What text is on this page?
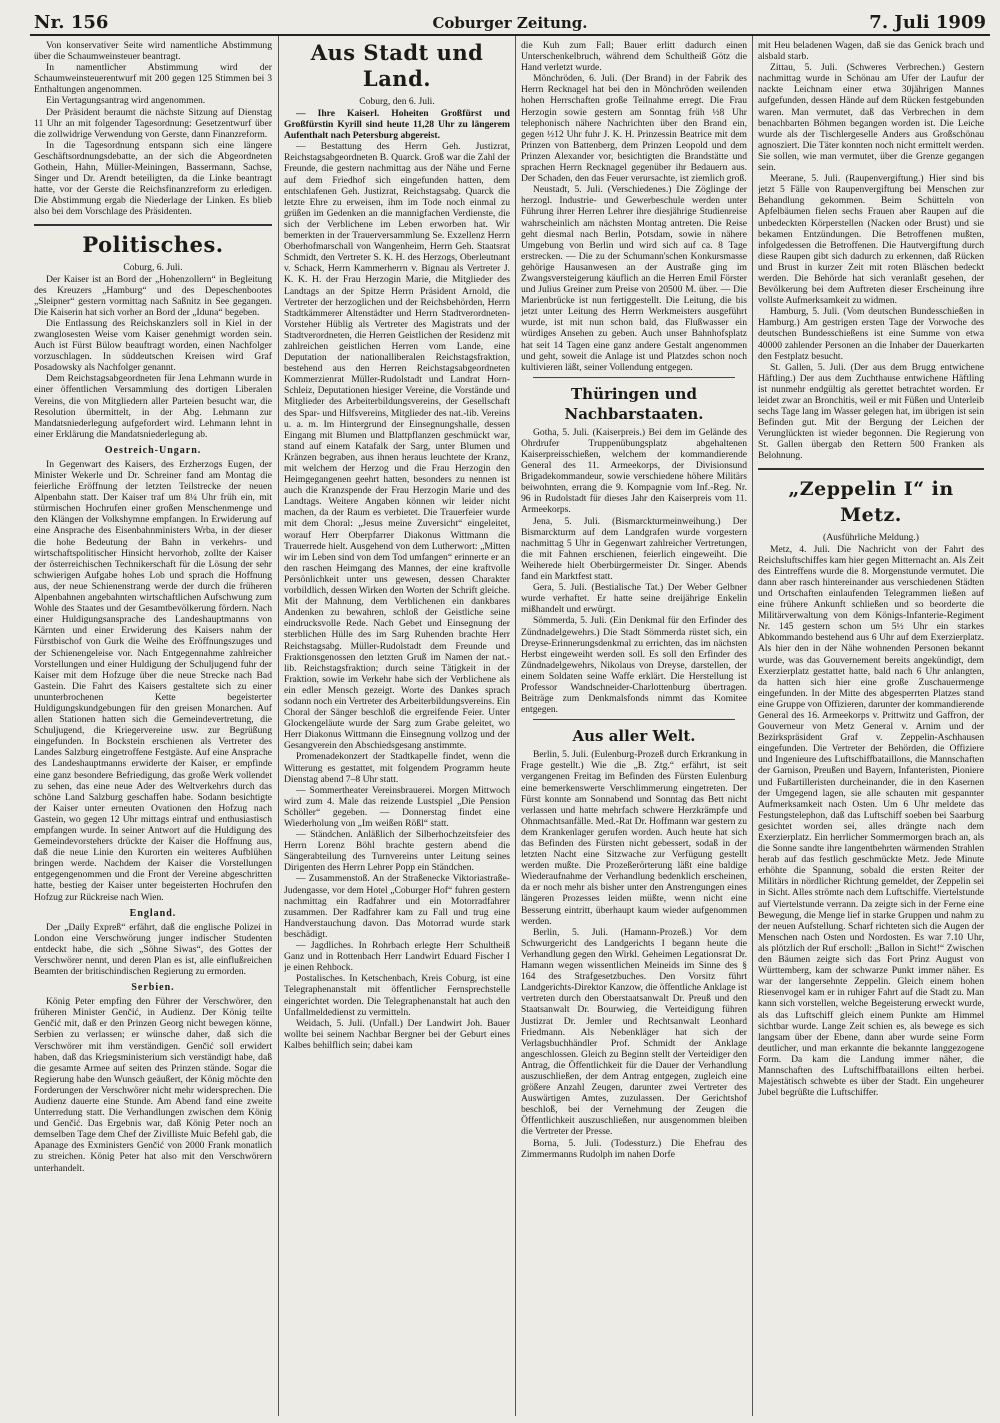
Nr. 156	Coburger Zeitung.	7. Juli 1909

Von konservativer Seite wird namentliche Abstimmung über die Schaumweinsteuer beantragt.

In namentlicher Abstimmung wird der Schaumweinsteuerentwurf mit 200 gegen 125 Stimmen bei 3 Enthaltungen angenommen.

Ein Vertagungsantrag wird angenommen.

Der Präsident beraumt die nächste Sitzung auf Dienstag 11 Uhr an mit folgender Tagesordnung: Gesetzentwurf über die zollwidrige Verwendung von Gerste, dann Finanzreform.

In die Tagesordnung entspann sich eine längere Geschäftsordnungsdebatte, an der sich die Abgeordneten Gothein, Hahn, Müller-Meiningen, Bassermann, Sachse, Singer und Dr. Arendt beteiligten, da die Linke beantragt hatte, vor der Gerste die Reichsfinanzreform zu erledigen. Die Abstimmung ergab die Niederlage der Linken. Es blieb also bei dem Vorschlage des Präsidenten.

Politisches.
Coburg, 6. Juli.

Der Kaiser ist an Bord der „Hohenzollern“ in Begleitung des Kreuzers „Hamburg“ und des Depeschenbootes „Sleipner“ gestern vormittag nach Saßnitz in See gegangen. Die Kaiserin hat sich vorher an Bord der „Iduna“ begeben.

Die Entlassung des Reichskanzlers soll in Kiel in der zwanglosesten Weise vom Kaiser genehmigt worden sein. Auch ist Fürst Bülow beauftragt worden, einen Nachfolger vorzuschlagen. In süddeutschen Kreisen wird Graf Posadowsky als Nachfolger genannt.

Dem Reichstagsabgeordneten für Jena Lehmann wurde in einer öffentlichen Versammlung des dortigen Liberalen Vereins, die von Mitgliedern aller Parteien besucht war, die Resolution übermittelt, in der Abg. Lehmann zur Mandatsniederlegung aufgefordert wird. Lehmann lehnt in einer Erklärung die Mandatsniederlegung ab.

Oestreich-Ungarn.

In Gegenwart des Kaisers, des Erzherzogs Eugen, der Minister Wekerle und Dr. Schreiner fand am Montag die feierliche Eröffnung der letzten Teilstrecke der neuen Alpenbahn statt. Der Kaiser traf um 8¼ Uhr früh ein, mit stürmischen Hochrufen einer großen Menschenmenge und den Klängen der Volkshymne empfangen. In Erwiderung auf eine Ansprache des Eisenbahnministers Wrba, in der dieser die hohe Bedeutung der Bahn in verkehrs- und wirtschaftspolitischer Hinsicht hervorhob, zollte der Kaiser der österreichischen Technikerschaft für die Lösung der sehr schwierigen Aufgabe hohes Lob und sprach die Hoffnung aus, der neue Schienenstrang werde der durch die früheren Alpenbahnen angebahnten wirtschaftlichen Aufschwung zum Wohle des Staates und der Gesamtbevölkerung fördern. Nach einer Huldigungsansprache des Landeshauptmanns von Kärnten und einer Erwiderung des Kaisers nahm der Fürstbischof von Gurk die Weihe des Eröffnungszuges und der Schienengeleise vor. Nach Entgegennahme zahlreicher Vorstellungen und einer Huldigung der Schuljugend fuhr der Kaiser mit dem Hofzuge über die neue Strecke nach Bad Gastein. Die Fahrt des Kaisers gestaltete sich zu einer ununterbrochenen Kette begeisterter Huldigungskundgebungen für den greisen Monarchen. Auf allen Stationen hatten sich die Gemeindevertretung, die Schuljugend, die Kriegervereine usw. zur Begrüßung eingefunden. In Bockstein erschienen als Vertreter des Landes Salzburg eingetroffene Festgäste. Auf eine Ansprache des Landeshauptmanns erwiderte der Kaiser, er empfinde eine ganz besondere Befriedigung, das große Werk vollendet zu sehen, das eine neue Ader des Weltverkehrs durch das schöne Land Salzburg geschaffen habe. Sodann besichtigte der Kaiser unter erneuten Ovationen den Hofzug nach Gastein, wo gegen 12 Uhr mittags eintraf und enthusiastisch empfangen wurde. In seiner Antwort auf die Huldigung des Gemeindevorstehers drückte der Kaiser die Hoffnung aus, daß die neue Linie den Kurorten ein weiteres Aufblühen bringen werde. Nachdem der Kaiser die Vorstellungen entgegengenommen und die Front der Vereine abgeschritten hatte, bestieg der Kaiser unter begeisterten Hochrufen den Hofzug zur Rückreise nach Wien.

England.

Der „Daily Expreß“ erfährt, daß die englische Polizei in London eine Verschwörung junger indischer Studenten entdeckt habe, die sich „Söhne Siwas“, des Gottes der Verschwörer nennt, und deren Plan es ist, alle einflußreichen Beamten der britischindischen Regierung zu ermorden.

Serbien.

König Peter empfing den Führer der Verschwörer, den früheren Minister Genčić, in Audienz. Der König teilte Genčić mit, daß er den Prinzen Georg nicht bewegen könne, Serbien zu verlassen; er wünsche daher, daß sich die Verschwörer mit ihm verständigen. Genčić soll erwidert haben, daß das Kriegsministerium sich verständigt habe, daß die gesamte Armee auf seiten des Prinzen stände. Sogar die Regierung habe den Wunsch geäußert, der König möchte den Forderungen der Verschwörer nicht mehr widersprechen. Die Audienz dauerte eine Stunde. Am Abend fand eine zweite Unterredung statt. Die Verhandlungen zwischen dem König und Genčić. Das Ergebnis war, daß König Peter noch an demselben Tage dem Chef der Zivilliste Muic Befehl gab, die Apanage des Exministers Genčić von 2000 Frank monatlich zu streichen. König Peter hat also mit den Verschwörern unterhandelt.

Aus Stadt und Land.
Coburg, den 6. Juli.

— Ihre Kaiserl. Hoheiten Großfürst und Großfürstin Kyrill sind heute 11,28 Uhr zu längerem Aufenthalt nach Petersburg abgereist.

— Bestattung des Herrn Geh. Justizrat, Reichstagsabgeordneten B. Quarck. Groß war die Zahl der Freunde, die gestern nachmittag aus der Nähe und Ferne auf dem Friedhof sich eingefunden hatten, dem entschlafenen Geh. Justizrat, Reichstagsabg. Quarck die letzte Ehre zu erweisen, ihm im Tode noch einmal zu grüßen im Gedenken an die mannigfachen Verdienste, die sich der Verblichene im Leben erworben hat. Wir bemerkten in der Trauerversammlung Se. Exzellenz Herrn Oberhofmarschall von Wangenheim, Herrn Geh. Staatsrat Schmidt, den Vertreter S. K. H. des Herzogs, Oberleutnant v. Schack, Herrn Kammerherrn v. Bignau als Vertreter J. K. K. H. der Frau Herzogin Marie, die Mitglieder des Landtags an der Spitze Herrn Präsident Arnold, die Vertreter der herzoglichen und der Reichsbehörden, Herrn Stadtkämmerer Altenstädter und Herrn Stadtverordneten-Vorsteher Hüblig als Vertreter des Magistrats und der Stadtverordneten, die Herren Geistlichen der Residenz mit zahlreichen geistlichen Herren vom Lande, eine Deputation der nationalliberalen Reichstagsfraktion, bestehend aus den Herren Reichstagsabgeordneten Kommerzienrat Müller-Rudolstadt und Landrat Horn-Schleiz, Deputationen hiesiger Vereine, die Vorstände und Mitglieder des Arbeiterbildungsvereins, der Gesellschaft des Spar- und Hilfsvereins, Mitglieder des nat.-lib. Vereins u. a. m. Im Hintergrund der Einsegnungshalle, dessen Eingang mit Blumen und Blattpflanzen geschmückt war, stand auf einem Katafalk der Sarg, unter Blumen und Kränzen begraben, aus ihnen heraus leuchtete der Kranz, mit welchem der Herzog und die Frau Herzogin den Heimgegangenen geehrt hatten, besonders zu nennen ist auch die Kranzspende der Frau Herzogin Marie und des Landtags. Weitere Angaben können wir leider nicht machen, da der Raum es verbietet. Die Trauerfeier wurde mit dem Choral: „Jesus meine Zuversicht“ eingeleitet, worauf Herr Oberpfarrer Diakonus Wittmann die Trauerrede hielt. Ausgehend von dem Lutherwort: „Mitten wir im Leben sind von dem Tod umfangen“ erinnerte er an den raschen Heimgang des Mannes, der eine kraftvolle Persönlichkeit unter uns gewesen, dessen Charakter vorbildlich, dessen Wirken den Worten der Schrift gleiche. Mit der Mahnung, dem Verblichenen ein dankbares Andenken zu bewahren, schloß der Geistliche seine eindrucksvolle Rede. Nach Gebet und Einsegnung der sterblichen Hülle des im Sarg Ruhenden brachte Herr Reichstagsabg. Müller-Rudolstadt dem Freunde und Fraktionsgenossen den letzten Gruß im Namen der nat.-lib. Reichstagsfraktion; durch seine Tätigkeit in der Fraktion, sowie im Verkehr habe sich der Verblichene als ein edler Mensch gezeigt. Worte des Dankes sprach sodann noch ein Vertreter des Arbeiterbildungsvereins. Ein Choral der Sänger beschloß die ergreifende Feier. Unter Glockengeläute wurde der Sarg zum Grabe geleitet, wo Herr Diakonus Wittmann die Einsegnung vollzog und der Gesangverein den Abschiedsgesang anstimmte.

Promenadekonzert der Stadtkapelle findet, wenn die Witterung es gestattet, mit folgendem Programm heute Dienstag abend 7–8 Uhr statt.

— Sommertheater Vereinsbrauerei. Morgen Mittwoch wird zum 4. Male das reizende Lustspiel „Die Pension Schöller“ gegeben. — Donnerstag findet eine Wiederholung von „Im weißen Rößl“ statt.

— Ständchen. Anläßlich der Silberhochzeitsfeier des Herrn Lorenz Böhl brachte gestern abend die Sängerabteilung des Turnvereins unter Leitung seines Dirigenten des Herrn Lehrer Popp ein Ständchen.

— Zusammenstoß. An der Straßenecke Viktoriastraße-Judengasse, vor dem Hotel „Coburger Hof“ fuhren gestern nachmittag ein Radfahrer und ein Motorradfahrer zusammen. Der Radfahrer kam zu Fall und trug eine Handverstauchung davon. Das Motorrad wurde stark beschädigt.

— Jagdliches. In Rohrbach erlegte Herr Schultheiß Ganz und in Rottenbach Herr Landwirt Eduard Fischer I je einen Rehbock.

Postalisches. In Ketschenbach, Kreis Coburg, ist eine Telegraphenanstalt mit öffentlicher Fernsprechstelle eingerichtet worden. Die Telegraphenanstalt hat auch den Unfallmeldedienst zu vermitteln.

Weidach, 5. Juli. (Unfall.) Der Landwirt Joh. Bauer wollte bei seinem Nachbar Bergner bei der Geburt eines Kalbes behilflich sein; dabei kam

die Kuh zum Fall; Bauer erlitt dadurch einen Unterschenkelbruch, während dem Schultheiß Götz die Hand verletzt wurde.

Mönchröden, 6. Juli. (Der Brand) in der Fabrik des Herrn Recknagel hat bei den in Mönchröden weilenden hohen Herrschaften große Teilnahme erregt. Die Frau Herzogin sowie gestern am Sonntag früh ½8 Uhr telephonisch nähere Nachrichten über den Brand ein, gegen ½12 Uhr fuhr J. K. H. Prinzessin Beatrice mit dem Prinzen von Battenberg, dem Prinzen Leopold und dem Prinzen Alexander vor, besichtigten die Brandstätte und sprachen Herrn Recknagel gegenüber ihr Bedauern aus. Der Schaden, den das Feuer verursachte, ist ziemlich groß.

Neustadt, 5. Juli. (Verschiedenes.) Die Zöglinge der herzogl. Industrie- und Gewerbeschule werden unter Führung ihrer Herren Lehrer ihre diesjährige Studienreise wahrscheinlich am nächsten Montag antreten. Die Reise geht diesmal nach Berlin, Potsdam, sowie in nähere Umgebung von Berlin und wird sich auf ca. 8 Tage erstrecken. — Die zu der Schumann'schen Konkursmasse gehörige Hausanwesen an der Austraße ging im Zwangsversteigerung käuflich an die Herren Emil Förster und Julius Greiner zum Preise von 20500 M. über. — Die Marienbrücke ist nun fertiggestellt. Die Leitung, die bis jetzt unter Leitung des Herrn Werkmeisters ausgeführt wurde, ist mit nun schon bald, das Flußwasser ein würdiges Ansehen zu geben. Auch unser Bahnhofsplatz hat seit 14 Tagen eine ganz andere Gestalt angenommen und geht, soweit die Anlage ist und Platzdes schon noch kultivieren läßt, seiner Vollendung entgegen.

Thüringen und Nachbarstaaten.

Gotha, 5. Juli. (Kaiserpreis.) Bei dem im Gelände des Ohrdrufer Truppenübungsplatz abgehaltenen Kaiserpreisschießen, welchem der kommandierende General des 11. Armeekorps, der Divisionsund Brigadekommandeur, sowie verschiedene höhere Militärs beiwohnten, errang die 9. Kompagnie vom Inf.-Reg. Nr. 96 in Rudolstadt für dieses Jahr den Kaiserpreis vom 11. Armeekorps.

Jena, 5. Juli. (Bismarckturmeinweihung.) Der Bismarckturm auf dem Landgrafen wurde vorgestern nachmittag 5 Uhr in Gegenwart zahlreicher Vertretungen, die mit Fahnen erschienen, feierlich eingeweiht. Die Weiherede hielt Oberbürgermeister Dr. Singer. Abends fand ein Marktfest statt.

Gera, 5. Juli. (Bestialische Tat.) Der Weber Gelbner wurde verhaftet. Er hatte seine dreijährige Enkelin mißhandelt und erwürgt.

Sömmerda, 5. Juli. (Ein Denkmal für den Erfinder des Zündnadelgewehrs.) Die Stadt Sömmerda rüstet sich, ein Dreyse-Erinnerungsdenkmal zu errichten, das im nächsten Herbst eingeweiht werden soll. Es soll den Erfinder des Zündnadelgewehrs, Nikolaus von Dreyse, darstellen, der einem Soldaten seine Waffe erklärt. Die Herstellung ist Professor Wandschneider-Charlottenburg übertragen. Beiträge zum Denkmalsfonds nimmt das Komitee entgegen.

Aus aller Welt.

Berlin, 5. Juli. (Eulenburg-Prozeß durch Erkrankung in Frage gestellt.) Wie die „B. Ztg.“ erfährt, ist seit vergangenen Freitag im Befinden des Fürsten Eulenburg eine bemerkenswerte Verschlimmerung eingetreten. Der Fürst konnte am Sonnabend und Sonntag das Bett nicht verlassen und hatte mehrfach schwere Herzkrämpfe und Ohnmachtsanfälle. Med.-Rat Dr. Hoffmann war gestern zu dem Krankenlager gerufen worden. Auch heute hat sich das Befinden des Fürsten nicht gebessert, sodaß in der letzten Nacht eine Sitzwache zur Verfügung gestellt werden mußte. Die Prozeßerörterung läßt eine baldige Wiederaufnahme der Verhandlung bedenklich erscheinen, da er noch mehr als bisher unter den Anstrengungen eines längeren Prozesses leiden müßte, wenn nicht eine Besserung eintritt, überhaupt kaum wieder aufgenommen werden.

Berlin, 5. Juli. (Hamann-Prozeß.) Vor dem Schwurgericht des Landgerichts I begann heute die Verhandlung gegen den Wirkl. Geheimen Legationsrat Dr. Hamann wegen wissentlichen Meineids im Sinne des § 164 des Strafgesetzbuches. Den Vorsitz führt Landgerichts-Direktor Kanzow, die öffentliche Anklage ist vertreten durch den Oberstaatsanwalt Dr. Preuß und den Staatsanwalt Dr. Bourwieg, die Verteidigung führen Justizrat Dr. Jemler und Rechtsanwalt Leonhard Friedmann. Als Nebenkläger hat sich der Verlagsbuchhändler Prof. Schmidt der Anklage angeschlossen. Gleich zu Beginn stellt der Verteidiger den Antrag, die Öffentlichkeit für die Dauer der Verhandlung auszuschließen, der dem Antrag entgegen, zugleich eine größere Anzahl Zeugen, darunter zwei Vertreter des Auswärtigen Amtes, zuzulassen. Der Gerichtshof beschloß, bei der Vernehmung der Zeugen die Öffentlichkeit auszuschließen, nur ausgenommen bleiben die Vertreter der Presse.

Borna, 5. Juli. (Todessturz.) Die Ehefrau des Zimmermanns Rudolph im nahen Dorfe

mit Heu beladenen Wagen, daß sie das Genick brach und alsbald starb.

Zittau, 5. Juli. (Schweres Verbrechen.) Gestern nachmittag wurde in Schönau am Ufer der Laufur der nackte Leichnam einer etwa 30jährigen Mannes aufgefunden, dessen Hände auf dem Rücken festgebunden waren. Man vermutet, daß das Verbrechen in dem benachbarten Böhmen begangen worden ist. Die Leiche wurde als der Tischlergeselle Anders aus Großschönau agnosziert. Die Täter konnten noch nicht ermittelt werden. Sie sollen, wie man vermutet, über die Grenze gegangen sein.

Meerane, 5. Juli. (Raupenvergiftung.) Hier sind bis jetzt 5 Fälle von Raupenvergiftung bei Menschen zur Behandlung gekommen. Beim Schütteln von Apfelbäumen fielen sechs Frauen aber Raupen auf die unbedeckten Körperstellen (Nacken oder Brust) und sie bekamen Entzündungen. Die Betroffenen mußten, infolgedessen die Betroffenen. Die Hautvergiftung durch diese Raupen gibt sich dadurch zu erkennen, daß Rücken und Brust in kurzer Zeit mit roten Bläschen bedeckt werden. Die Behörde hat sich veranlaßt gesehen, der Bevölkerung bei dem Auftreten dieser Erscheinung ihre vollste Aufmerksamkeit zu widmen.

Hamburg, 5. Juli. (Vom deutschen Bundesschießen in Hamburg.) Am gestrigen ersten Tage der Vorwoche des deutschen Bundesschießens ist eine Summe von etwa 40000 zahlender Personen an die Inhaber der Dauerkarten den Festplatz besucht.

St. Gallen, 5. Juli. (Der aus dem Brugg entwichene Häftling.) Der aus dem Zuchthause entwichene Häftling ist nunmehr endgültig als gerettet betrachtet worden. Er leidet zwar an Bronchitis, weil er mit Füßen und Unterleib sechs Tage lang im Wasser gelegen hat, im übrigen ist sein Befinden gut. Mit der Bergung der Leichen der Verunglückten ist wieder begonnen. Die Regierung von St. Gallen übergab den Rettern 500 Franken als Belohnung.

„Zeppelin I“ in Metz.
(Ausführliche Meldung.)

Metz, 4. Juli. Die Nachricht von der Fahrt des Reichsluftschiffes kam hier gegen Mitternacht an. Als Zeit des Eintreffens wurde die 8. Morgenstunde vermutet. Die dann aber rasch hintereinander aus verschiedenen Städten und Ortschaften einlaufenden Telegrammen ließen auf eine frühere Ankunft schließen und so beorderte die Militärverwaltung von dem Königs-Infanterie-Regiment Nr. 145 gestern schon um 5½ Uhr ein starkes Abkommando bestehend aus 6 Uhr auf dem Exerzierplatz. Als hier den in der Nähe wohnenden Personen bekannt wurde, was das Gouvernement bereits angekündigt, dem Exerzierplatz gestattet hatte, bald nach 6 Uhr anlangten, da hatten sich hier eine große Zuschauermenge eingefunden. In der Mitte des abgesperrten Platzes stand eine Gruppe von Offizieren, darunter der kommandierende General des 16. Armeekorps v. Prittwitz und Gaffron, der Gouverneur von Metz General v. Arnim und der Bezirkspräsident Graf v. Zeppelin-Aschhausen eingefunden. Die Vertreter der Behörden, die Offiziere und Ingenieure des Luftschiffbataillons, die Mannschaften der Garnison, Preußen und Bayern, Infanteristen, Pioniere und Fußartilleristen durcheinander, die in den Kasernen der Umgegend lagen, sie alle schauten mit gespannter Aufmerksamkeit nach Osten. Um 6 Uhr meldete das Festungstelephon, daß das Luftschiff soeben bei Saarburg gesichtet worden sei, alles drängte nach dem Exerzierplatz. Ein herrlicher Sommermorgen brach an, als die Sonne sandte ihre langentbehrten wärmenden Strahlen herab auf das festlich geschmückte Metz. Jede Minute erhöhte die Spannung, sobald die ersten Reiter der Militärs in nördlicher Richtung gemeldet, der Zeppelin sei in Sicht. Alles strömte nach dem Luftschiffe. Viertelstunde auf Viertelstunde verrann. Da zeigte sich in der Ferne eine Bewegung, die Menge lief in starke Gruppen und nahm zu der neuen Aufstellung. Scharf richteten sich die Augen der Menschen nach Osten und Nordosten. Es war 7.10 Uhr, als plötzlich der Ruf erscholl: „Ballon in Sicht!“ Zwischen den Bäumen zeigte sich das Fort Prinz August von Württemberg, kam der schwarze Punkt immer näher. Es war der langersehnte Zeppelin. Gleich einem hohen Riesenvogel kam er in ruhiger Fahrt auf die Stadt zu. Man kann sich vorstellen, welche Begeisterung erweckt wurde, als das Luftschiff gleich einem Punkte am Himmel sichtbar wurde. Lange Zeit schien es, als bewege es sich langsam über der Ebene, dann aber wurde seine Form deutlicher, und man erkannte die bekannte langgezogene Form. Da kam die Landung immer näher, die Mannschaften des Luftschiffbataillons eilten herbei. Majestätisch schwebte es über der Stadt. Ein ungeheurer Jubel begrüßte die Luftschiffer.
